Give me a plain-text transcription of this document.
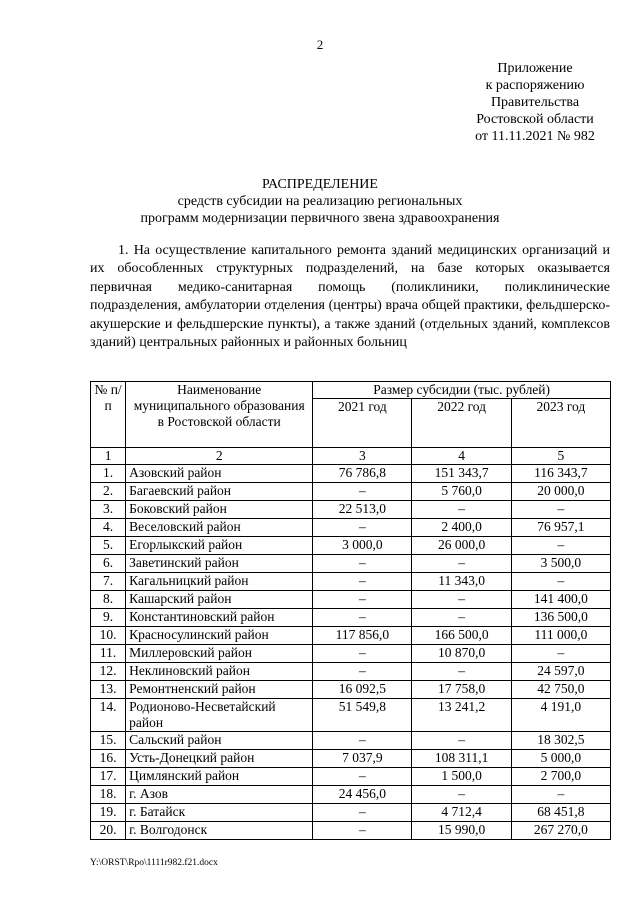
2
Приложение
к распоряжению
Правительства
Ростовской области
от 11.11.2021 № 982
РАСПРЕДЕЛЕНИЕ
средств субсидии на реализацию региональных
программ модернизации первичного звена здравоохранения

1. На осуществление капитального ремонта зданий медицинских организаций и их обособленных структурных подразделений, на базе которых оказывается первичная медико-санитарная помощь (поликлиники, поликлинические подразделения, амбулатории отделения (центры) врача общей практики, фельдшерско-акушерские и фельдшерские пункты), а также зданий (отдельных зданий, комплексов зданий) центральных районных и районных больниц

№ п/п	Наименование муниципального образования в Ростовской области	Размер субсидии (тыс. рублей)		
		2021 год	2022 год	2023 год
1	2	3	4	5
1.	Азовский район	76 786,8	151 343,7	116 343,7
2.	Багаевский район	–	5 760,0	20 000,0
3.	Боковский район	22 513,0	–	–
4.	Веселовский район	–	2 400,0	76 957,1
5.	Егорлыкский район	3 000,0	26 000,0	–
6.	Заветинский район	–	–	3 500,0
7.	Кагальницкий район	–	11 343,0	–
8.	Кашарский район	–	–	141 400,0
9.	Константиновский район	–	–	136 500,0
10.	Красносулинский район	117 856,0	166 500,0	111 000,0
11.	Миллеровский район	–	10 870,0	–
12.	Неклиновский район	–	–	24 597,0
13.	Ремонтненский район	16 092,5	17 758,0	42 750,0
14.	Родионово-Несветайский район	51 549,8	13 241,2	4 191,0
15.	Сальский район	–	–	18 302,5
16.	Усть-Донецкий район	7 037,9	108 311,1	5 000,0
17.	Цимлянский район	–	1 500,0	2 700,0
18.	г. Азов	24 456,0	–	–
19.	г. Батайск	–	4 712,4	68 451,8
20.	г. Волгодонск	–	15 990,0	267 270,0
Y:\ORST\Rpo\1111r982.f21.docx
